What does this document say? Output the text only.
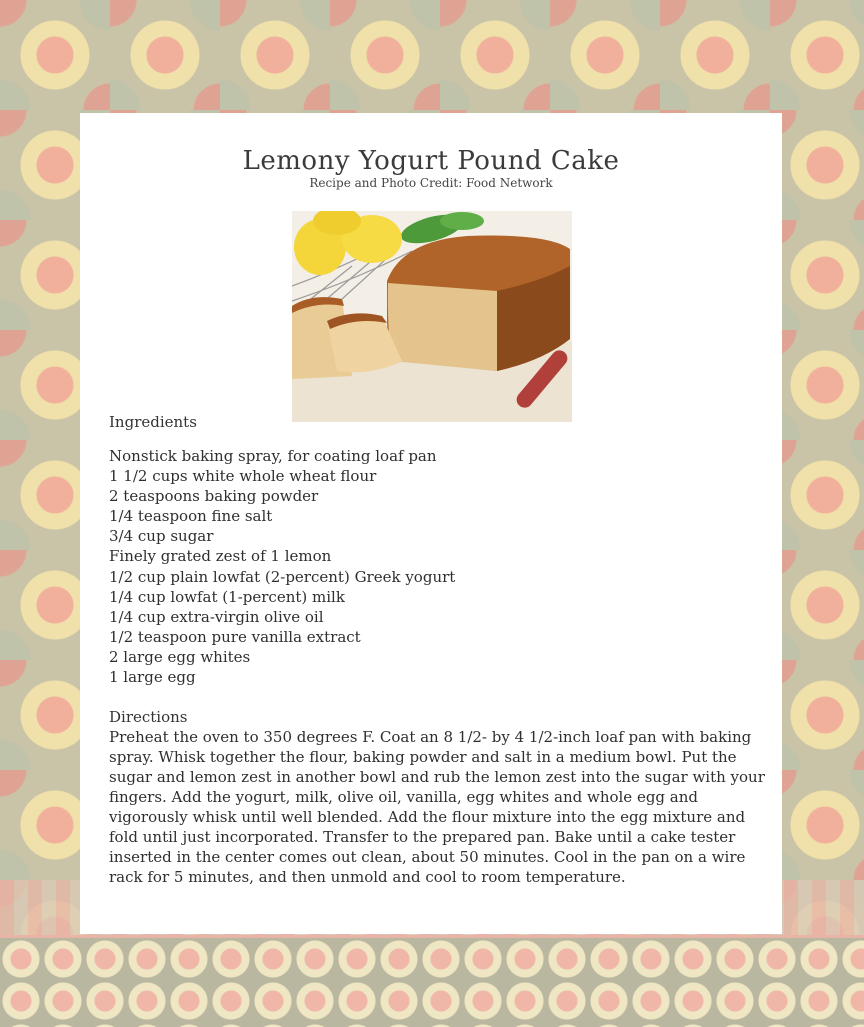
Lemony Yogurt Pound Cake
Recipe and Photo Credit: Food Network
Ingredients
Nonstick baking spray, for coating loaf pan
1 1/2 cups white whole wheat flour
2 teaspoons baking powder
1/4 teaspoon fine salt
3/4 cup sugar
Finely grated zest of 1 lemon
1/2 cup plain lowfat (2-percent) Greek yogurt
1/4 cup lowfat (1-percent) milk
1/4 cup extra-virgin olive oil
1/2 teaspoon pure vanilla extract
2 large egg whites
1 large egg
Directions

Preheat the oven to 350 degrees F. Coat an 8 1/2- by 4 1/2-inch loaf pan with baking spray. Whisk together the flour, baking powder and salt in a medium bowl. Put the sugar and lemon zest in another bowl and rub the lemon zest into the sugar with your fingers. Add the yogurt, milk, olive oil, vanilla, egg whites and whole egg and vigorously whisk until well blended. Add the flour mixture into the egg mixture and fold until just incorporated. Transfer to the prepared pan. Bake until a cake tester inserted in the center comes out clean, about 50 minutes. Cool in the pan on a wire rack for 5 minutes, and then unmold and cool to room temperature.
